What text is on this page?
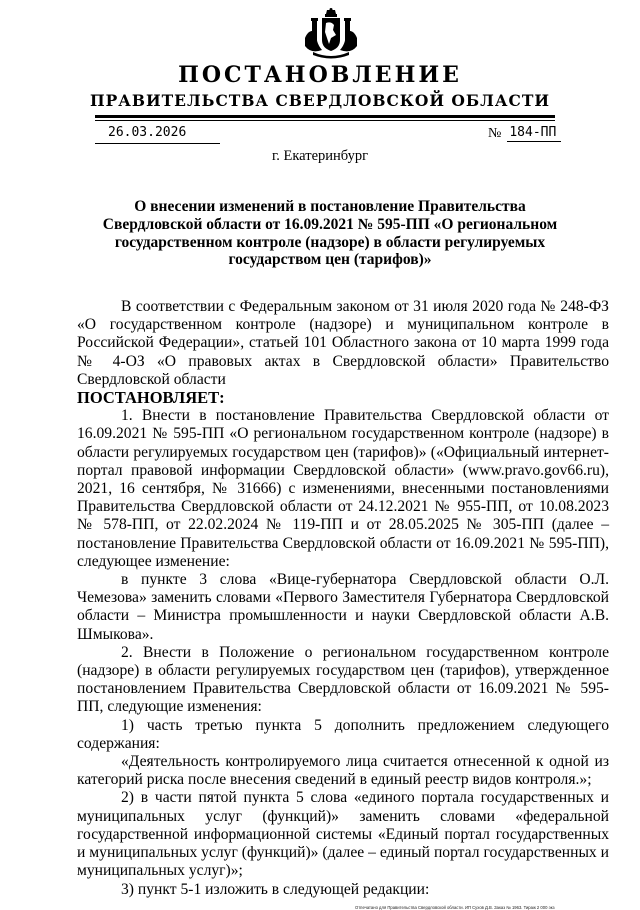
ПОСТАНОВЛЕНИЕ
ПРАВИТЕЛЬСТВА СВЕРДЛОВСКОЙ ОБЛАСТИ
26.03.2026	№ 184-ПП
г. Екатеринбург
О внесении изменений в постановление Правительства Свердловской области от 16.09.2021 № 595-ПП «О региональном государственном контроле (надзоре) в области регулируемых государством цен (тарифов)»

В соответствии с Федеральным законом от 31 июля 2020 года № 248-ФЗ «О государственном контроле (надзоре) и муниципальном контроле в Российской Федерации», статьей 101 Областного закона от 10 марта 1999 года № 4-ОЗ «О правовых актах в Свердловской области» Правительство Свердловской области

ПОСТАНОВЛЯЕТ:

1. Внести в постановление Правительства Свердловской области от 16.09.2021 № 595-ПП «О региональном государственном контроле (надзоре) в области регулируемых государством цен (тарифов)» («Официальный интернет-портал правовой информации Свердловской области» (www.pravo.gov66.ru), 2021, 16 сентября, № 31666) с изменениями, внесенными постановлениями Правительства Свердловской области от 24.12.2021 № 955-ПП, от 10.08.2023 № 578-ПП, от 22.02.2024 № 119-ПП и от 28.05.2025 № 305-ПП (далее – постановление Правительства Свердловской области от 16.09.2021 № 595-ПП), следующее изменение:

в пункте 3 слова «Вице-губернатора Свердловской области О.Л. Чемезова» заменить словами «Первого Заместителя Губернатора Свердловской области – Министра промышленности и науки Свердловской области А.В. Шмыкова».

2. Внести в Положение о региональном государственном контроле (надзоре) в области регулируемых государством цен (тарифов), утвержденное постановлением Правительства Свердловской области от 16.09.2021 № 595-ПП, следующие изменения:

1) часть третью пункта 5 дополнить предложением следующего содержания:

«Деятельность контролируемого лица считается отнесенной к одной из категорий риска после внесения сведений в единый реестр видов контроля.»;

2) в части пятой пункта 5 слова «единого портала государственных и муниципальных услуг (функций)» заменить словами «федеральной государственной информационной системы «Единый портал государственных и муниципальных услуг (функций)» (далее – единый портал государственных и муниципальных услуг)»;

3) пункт 5-1 изложить в следующей редакции:

Отпечатано для Правительства Свердловской области. ИП Сухов Д.В. Заказ № 1963. Тираж 2 000 экз
